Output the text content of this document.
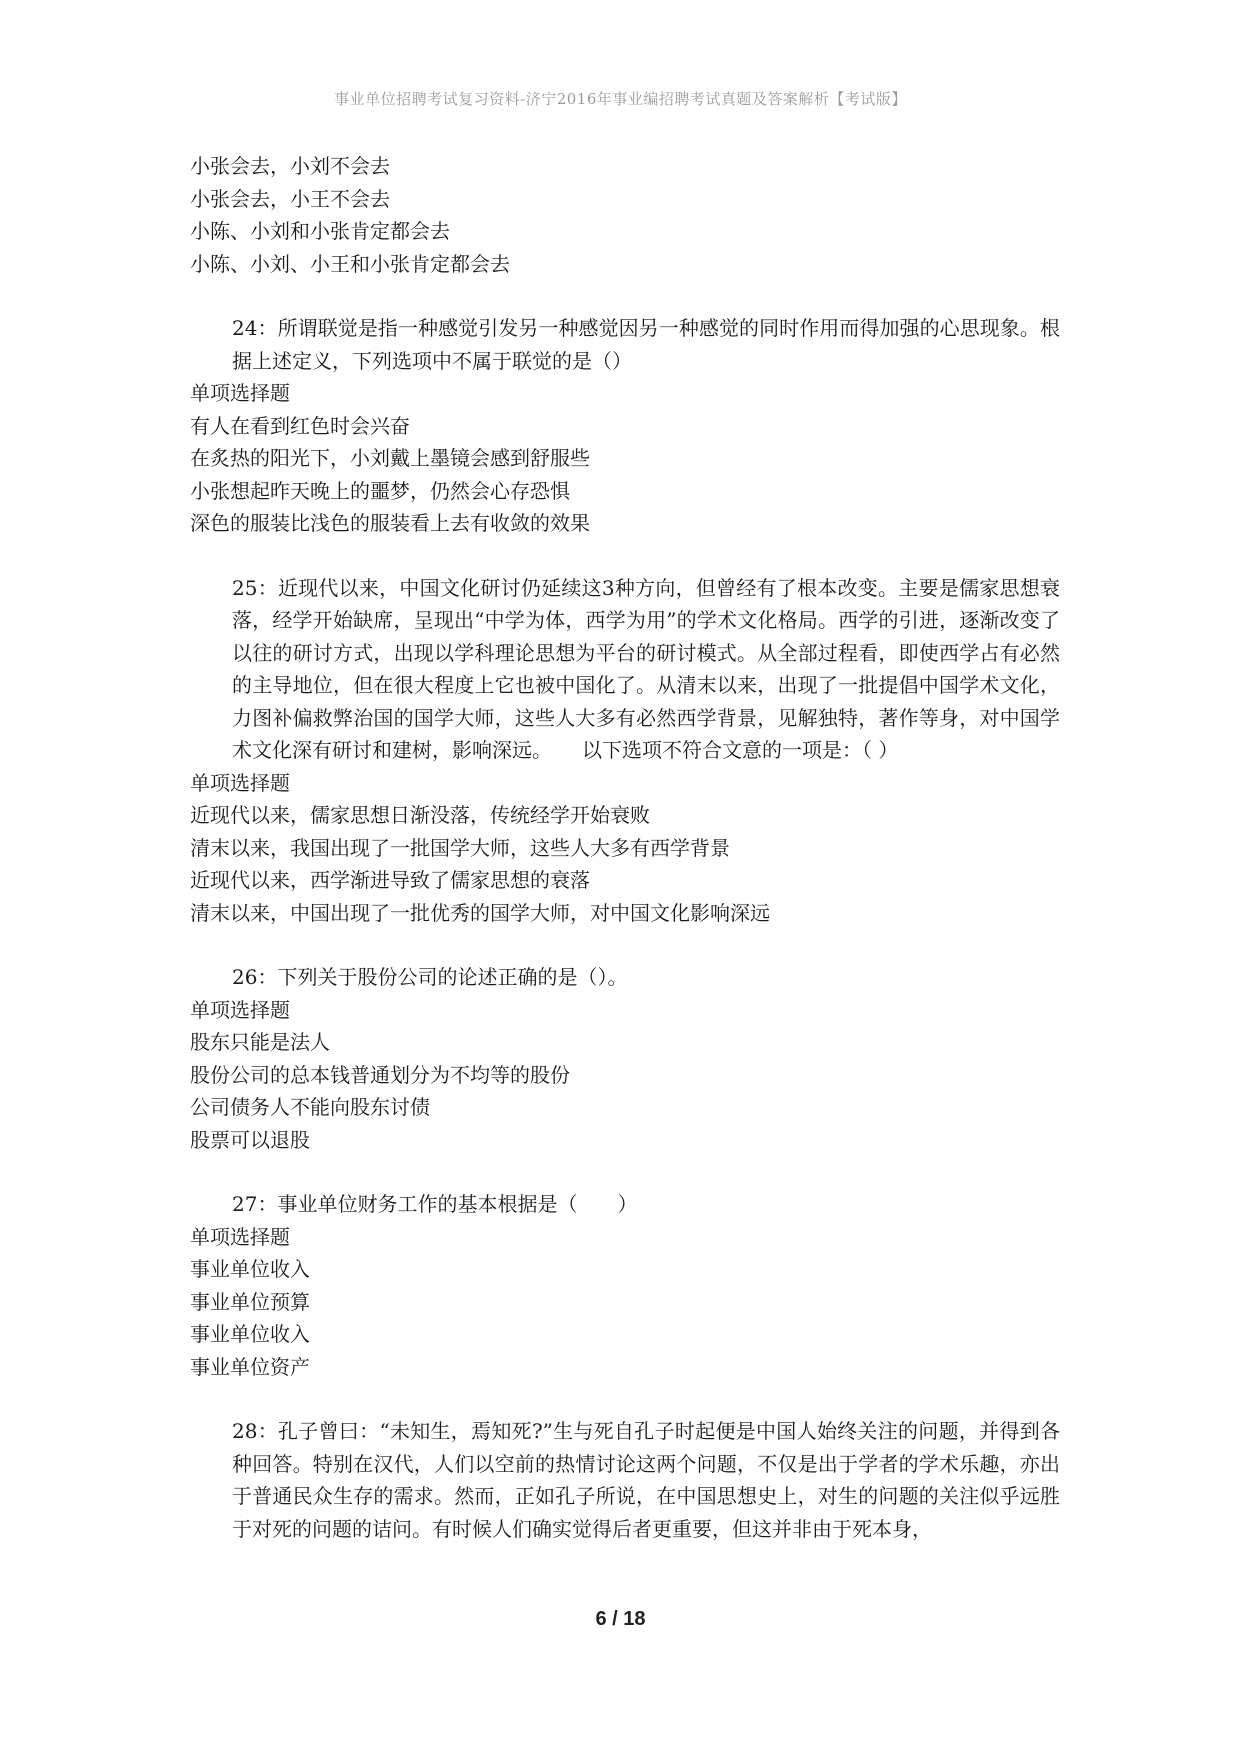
事业单位招聘考试复习资料-济宁2016年事业编招聘考试真题及答案解析【考试版】
小张会去，小刘不会去
小张会去，小王不会去
小陈、小刘和小张肯定都会去
小陈、小刘、小王和小张肯定都会去
24：所谓联觉是指一种感觉引发另一种感觉因另一种感觉的同时作用而得加强的心思现象。根据上述定义，下列选项中不属于联觉的是（）
单项选择题
有人在看到红色时会兴奋
在炙热的阳光下，小刘戴上墨镜会感到舒服些
小张想起昨天晚上的噩梦，仍然会心存恐惧
深色的服装比浅色的服装看上去有收敛的效果
25：近现代以来，中国文化研讨仍延续这3种方向，但曾经有了根本改变。主要是儒家思想衰落，经学开始缺席，呈现出“中学为体，西学为用”的学术文化格局。西学的引进，逐渐改变了以往的研讨方式，出现以学科理论思想为平台的研讨模式。从全部过程看，即使西学占有必然的主导地位，但在很大程度上它也被中国化了。从清末以来，出现了一批提倡中国学术文化，力图补偏救弊治国的国学大师，这些人大多有必然西学背景，见解独特，著作等身，对中国学术文化深有研讨和建树，影响深远。　　以下选项不符合文意的一项是：（ ）
单项选择题
近现代以来，儒家思想日渐没落，传统经学开始衰败
清末以来，我国出现了一批国学大师，这些人大多有西学背景
近现代以来，西学渐进导致了儒家思想的衰落
清末以来，中国出现了一批优秀的国学大师，对中国文化影响深远
26：下列关于股份公司的论述正确的是（）。
单项选择题
股东只能是法人
股份公司的总本钱普通划分为不均等的股份
公司债务人不能向股东讨债
股票可以退股
27：事业单位财务工作的基本根据是（　　）
单项选择题
事业单位收入
事业单位预算
事业单位收入
事业单位资产
28：孔子曾曰：“未知生，焉知死?”生与死自孔子时起便是中国人始终关注的问题，并得到各种回答。特别在汉代，人们以空前的热情讨论这两个问题，不仅是出于学者的学术乐趣，亦出于普通民众生存的需求。然而，正如孔子所说，在中国思想史上，对生的问题的关注似乎远胜于对死的问题的诘问。有时候人们确实觉得后者更重要，但这并非由于死本身，
6 / 18
